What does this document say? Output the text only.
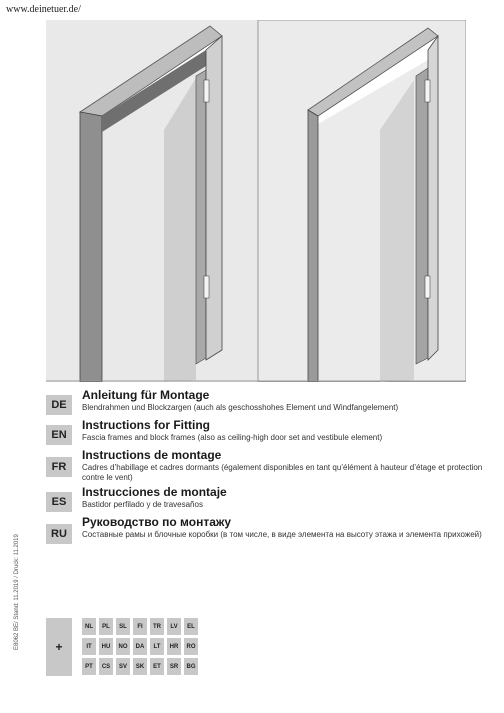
www.deinetuer.de/
DE
Anleitung für Montage
Blendrahmen und Blockzargen (auch als geschosshohes Element und Windfangelement)
EN
Instructions for Fitting
Fascia frames and block frames (also as ceiling-high door set and vestibule element)
FR
Instructions de montage
Cadres d’habillage et cadres dormants (également disponibles en tant qu’élément à hauteur d’étage et protection contre le vent)
ES
Instrucciones de montaje
Bastidor perfilado y de travesaños
RU
Руководство по монтажу
Составные рамы и блочные коробки (в том числе, в виде элемента на высоту этажа и элемента прихожей)
E8062 BE/ Stand: 11.2019 / Druck: 11.2019	+
NL	PL	SL	FI	TR	LV	EL
IT	HU	NO	DA	LT	HR	RO
PT	CS	SV	SK	ET	SR	BG
